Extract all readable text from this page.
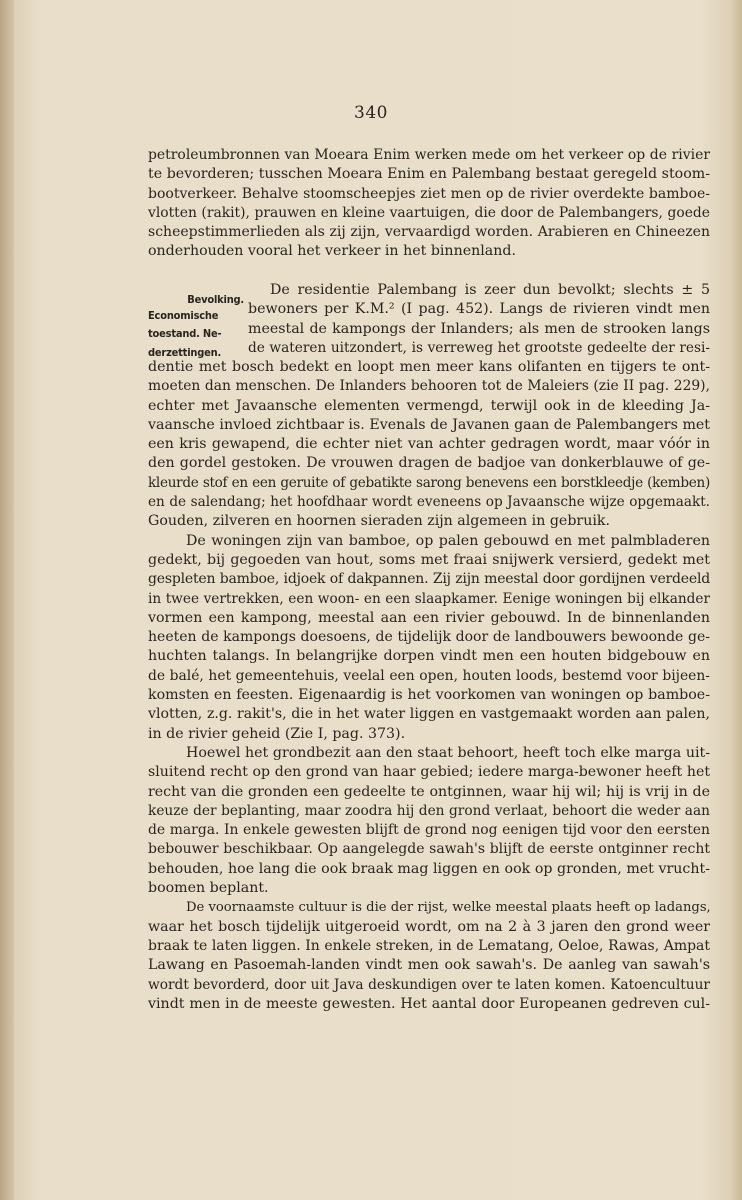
340
petroleumbronnen van Moeara Enim werken mede om het verkeer op de rivier
te bevorderen; tusschen Moeara Enim en Palembang bestaat geregeld stoom-
bootverkeer. Behalve stoomscheepjes ziet men op de rivier overdekte bamboe-
vlotten (rakit), prauwen en kleine vaartuigen, die door de Palembangers, goede
scheepstimmerlieden als zij zijn, vervaardigd worden. Arabieren en Chineezen
onderhouden vooral het verkeer in het binnenland.
Bevolking.
Economische
toestand. Ne-
derzettingen.
De residentie Palembang is zeer dun bevolkt; slechts ± 5
bewoners per K.M.² (I pag. 452). Langs de rivieren vindt men
meestal de kampongs der Inlanders; als men de strooken langs
de wateren uitzondert, is verreweg het grootste gedeelte der resi-
dentie met bosch bedekt en loopt men meer kans olifanten en tijgers te ont-
moeten dan menschen. De Inlanders behooren tot de Maleiers (zie II pag. 229),
echter met Javaansche elementen vermengd, terwijl ook in de kleeding Ja-
vaansche invloed zichtbaar is. Evenals de Javanen gaan de Palembangers met
een kris gewapend, die echter niet van achter gedragen wordt, maar vóór in
den gordel gestoken. De vrouwen dragen de badjoe van donkerblauwe of ge-
kleurde stof en een geruite of gebatikte sarong benevens een borstkleedje (kemben)
en de salendang; het hoofdhaar wordt eveneens op Javaansche wijze opgemaakt.
Gouden, zilveren en hoornen sieraden zijn algemeen in gebruik.
De woningen zijn van bamboe, op palen gebouwd en met palmbladeren
gedekt, bij gegoeden van hout, soms met fraai snijwerk versierd, gedekt met
gespleten bamboe, idjoek of dakpannen. Zij zijn meestal door gordijnen verdeeld
in twee vertrekken, een woon- en een slaapkamer. Eenige woningen bij elkander
vormen een kampong, meestal aan een rivier gebouwd. In de binnenlanden
heeten de kampongs doesoens, de tijdelijk door de landbouwers bewoonde ge-
huchten talangs. In belangrijke dorpen vindt men een houten bidgebouw en
de balé, het gemeentehuis, veelal een open, houten loods, bestemd voor bijeen-
komsten en feesten. Eigenaardig is het voorkomen van woningen op bamboe-
vlotten, z.g. rakit's, die in het water liggen en vastgemaakt worden aan palen,
in de rivier geheid (Zie I, pag. 373).
Hoewel het grondbezit aan den staat behoort, heeft toch elke marga uit-
sluitend recht op den grond van haar gebied; iedere marga-bewoner heeft het
recht van die gronden een gedeelte te ontginnen, waar hij wil; hij is vrij in de
keuze der beplanting, maar zoodra hij den grond verlaat, behoort die weder aan
de marga. In enkele gewesten blijft de grond nog eenigen tijd voor den eersten
bebouwer beschikbaar. Op aangelegde sawah's blijft de eerste ontginner recht
behouden, hoe lang die ook braak mag liggen en ook op gronden, met vrucht-
boomen beplant.
De voornaamste cultuur is die der rijst, welke meestal plaats heeft op ladangs,
waar het bosch tijdelijk uitgeroeid wordt, om na 2 à 3 jaren den grond weer
braak te laten liggen. In enkele streken, in de Lematang, Oeloe, Rawas, Ampat
Lawang en Pasoemah-landen vindt men ook sawah's. De aanleg van sawah's
wordt bevorderd, door uit Java deskundigen over te laten komen. Katoencultuur
vindt men in de meeste gewesten. Het aantal door Europeanen gedreven cul-
